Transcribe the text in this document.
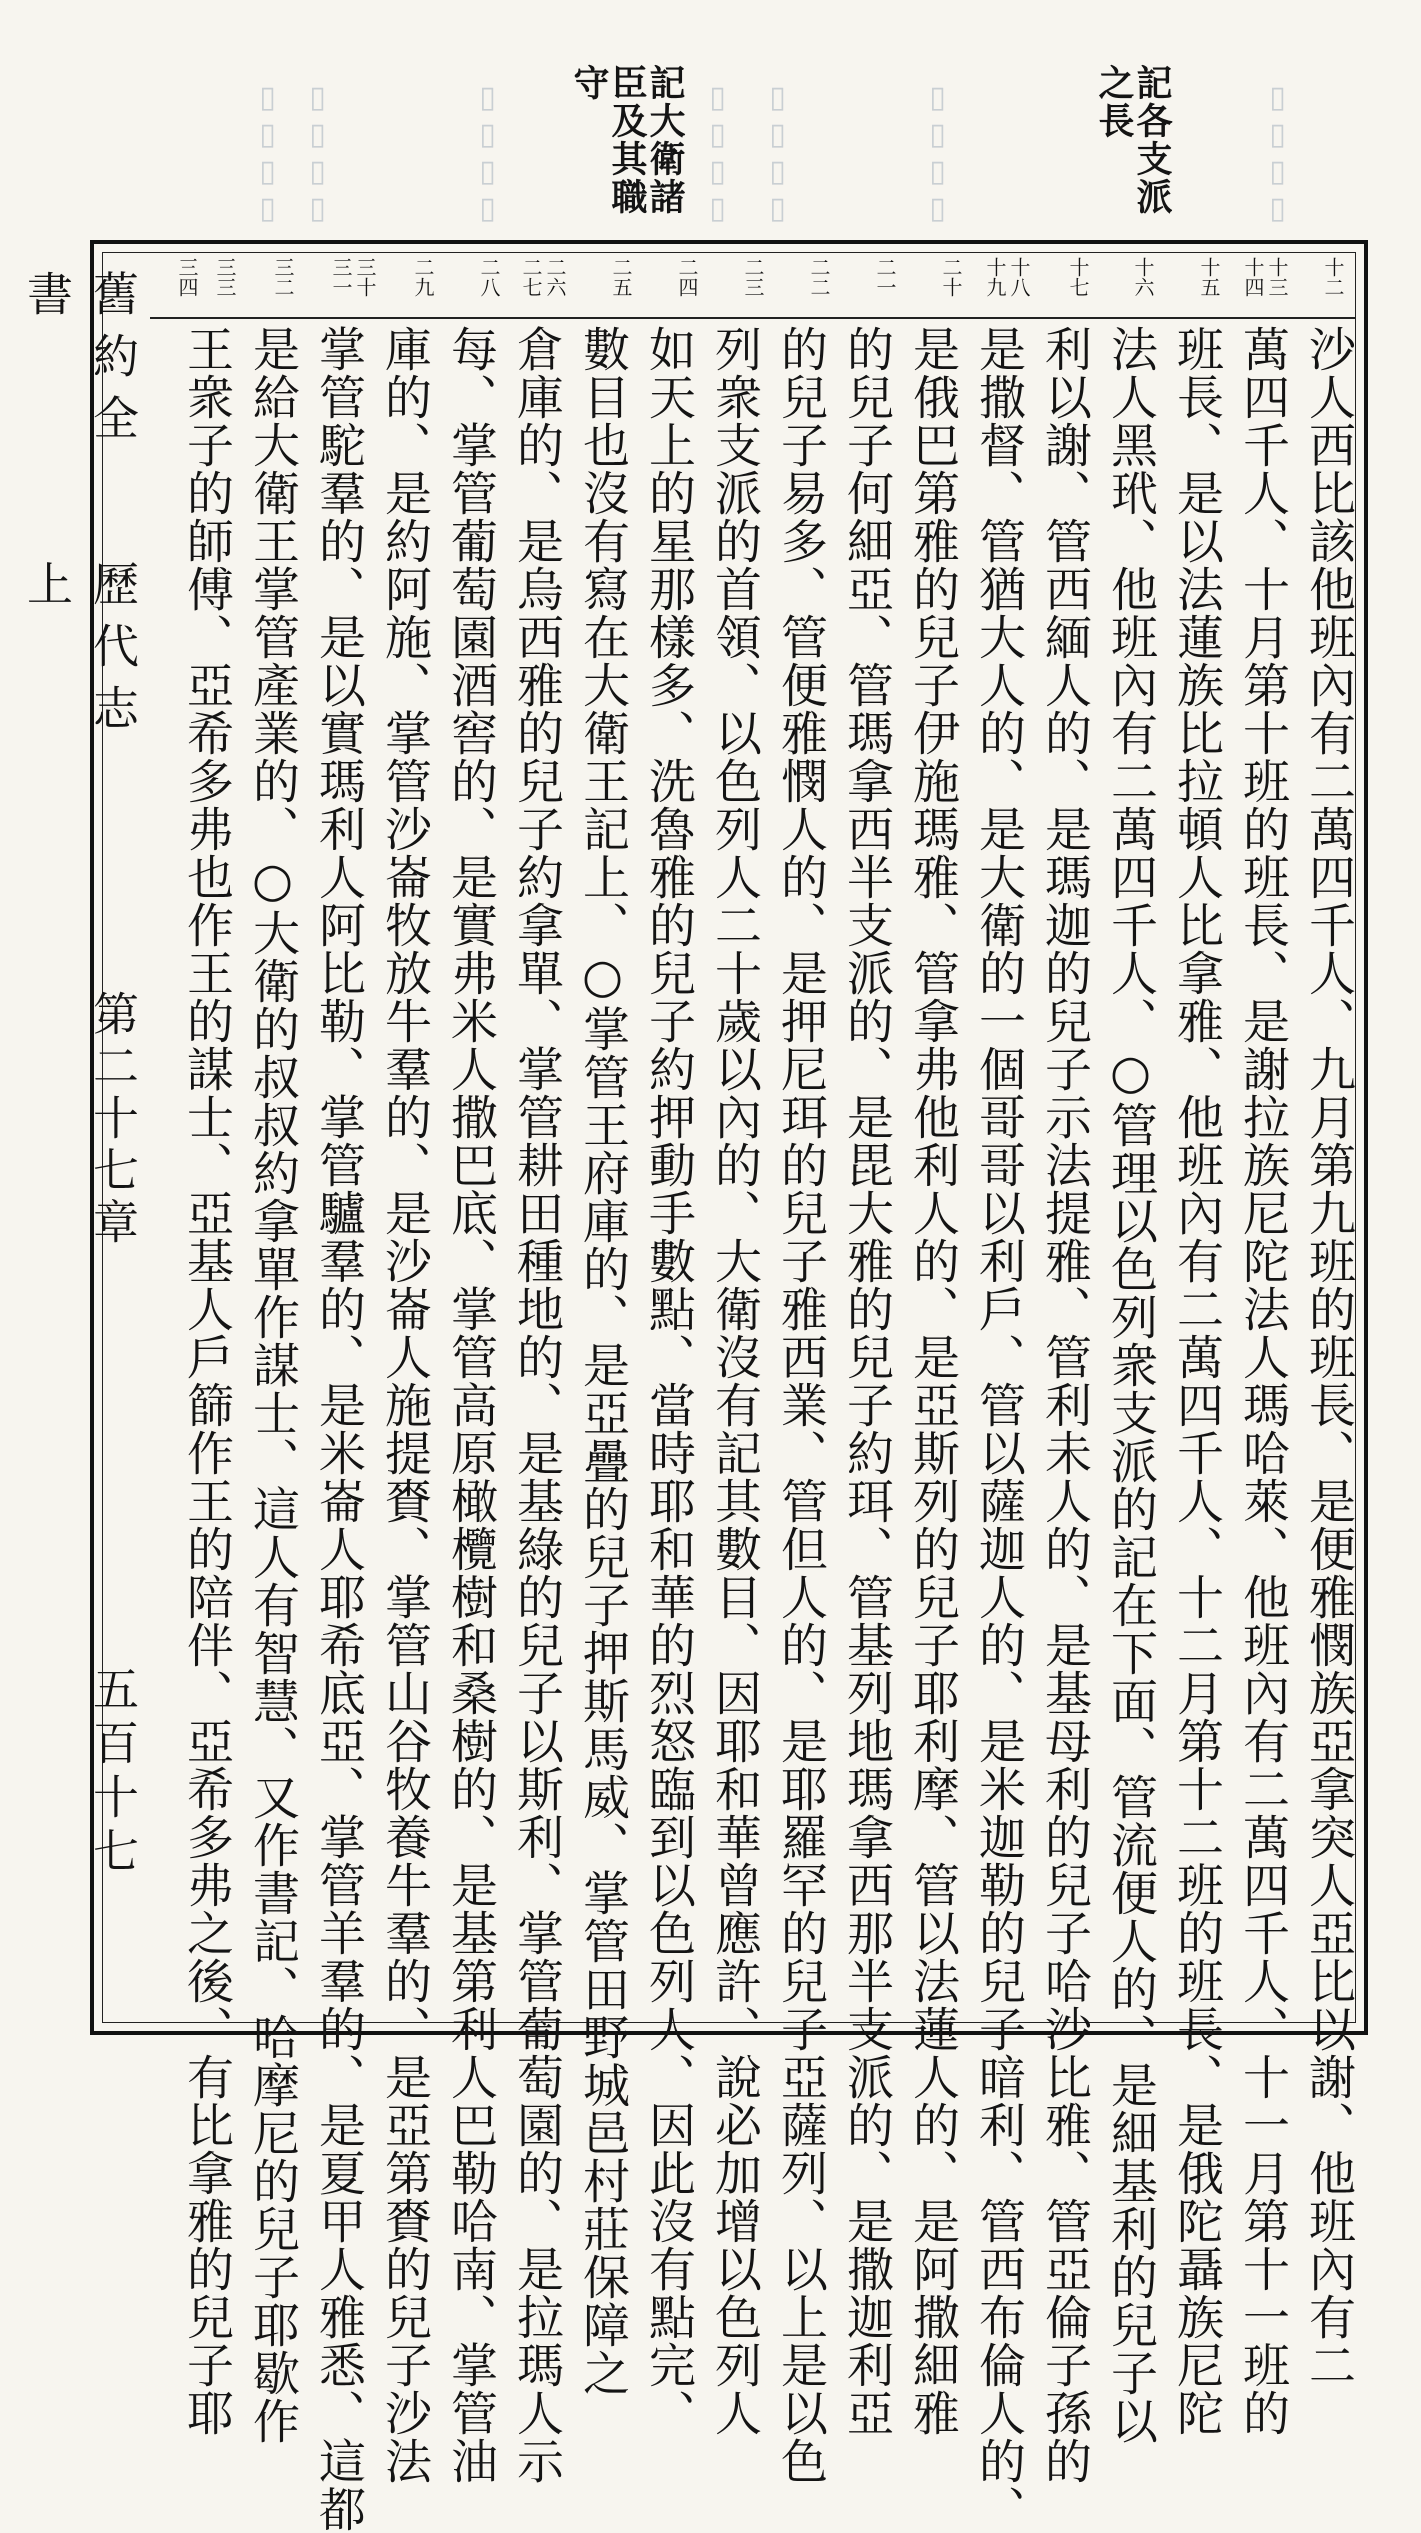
▯▯▯▯ ▯▯▯▯	▯▯▯▯	▯▯▯▯ ▯▯▯▯	▯▯▯▯	▯▯▯▯
記各支派之長
記大衛諸臣及其職守
十二
十三
十四
十五
十六
十七
十八
十九
二十
二一
二二
二三
二四
二五
二六
二七
二八
二九
三十
三一
三二
三三
三四
沙人西比該他班內有二萬四千人、九月第九班的班長、是便雅憫族亞拿突人亞比以謝、他班內有二
萬四千人、十月第十班的班長、是謝拉族尼陀法人瑪哈萊、他班內有二萬四千人、十一月第十一班的
班長、是以法蓮族比拉頓人比拿雅、他班內有二萬四千人、十二月第十二班的班長、是俄陀聶族尼陀
法人黑玳、他班內有二萬四千人、○管理以色列衆支派的記在下面、管流便人的、是細基利的兒子以
利以謝、管西緬人的、是瑪迦的兒子示法提雅、管利未人的、是基母利的兒子哈沙比雅、管亞倫子孫的
是撒督、管猶大人的、是大衛的一個哥哥以利戶、管以薩迦人的、是米迦勒的兒子暗利、管西布倫人的、
是俄巴第雅的兒子伊施瑪雅、管拿弗他利人的、是亞斯列的兒子耶利摩、管以法蓮人的、是阿撒細雅
的兒子何細亞、管瑪拿西半支派的、是毘大雅的兒子約珥、管基列地瑪拿西那半支派的、是撒迦利亞
的兒子易多、管便雅憫人的、是押尼珥的兒子雅西業、管但人的、是耶羅罕的兒子亞薩列、以上是以色
列衆支派的首領、以色列人二十歲以內的、大衛沒有記其數目、因耶和華曾應許、說必加增以色列人
如天上的星那樣多、洗魯雅的兒子約押動手數點、當時耶和華的烈怒臨到以色列人、因此沒有點完、
數目也沒有寫在大衛王記上、○掌管王府庫的、是亞疊的兒子押斯馬威、掌管田野城邑村莊保障之
倉庫的、是烏西雅的兒子約拿單、掌管耕田種地的、是基綠的兒子以斯利、掌管葡萄園的、是拉瑪人示
每、掌管葡萄園酒窖的、是實弗米人撒巴底、掌管高原橄欖樹和桑樹的、是基第利人巴勒哈南、掌管油
庫的、是約阿施、掌管沙崙牧放牛羣的、是沙崙人施提賚、掌管山谷牧養牛羣的、是亞第賚的兒子沙法
掌管駝羣的、是以實瑪利人阿比勒、掌管驢羣的、是米崙人耶希底亞、掌管羊羣的、是夏甲人雅悉、這都
是給大衛王掌管產業的、○大衛的叔叔約拿單作謀士、這人有智慧、又作書記、哈摩尼的兒子耶歇作
王衆子的師傅、亞希多弗也作王的謀士、亞基人戶篩作王的陪伴、亞希多弗之後、有比拿雅的兒子耶
舊約全書
歷代志上
第二十七章
五百十七
